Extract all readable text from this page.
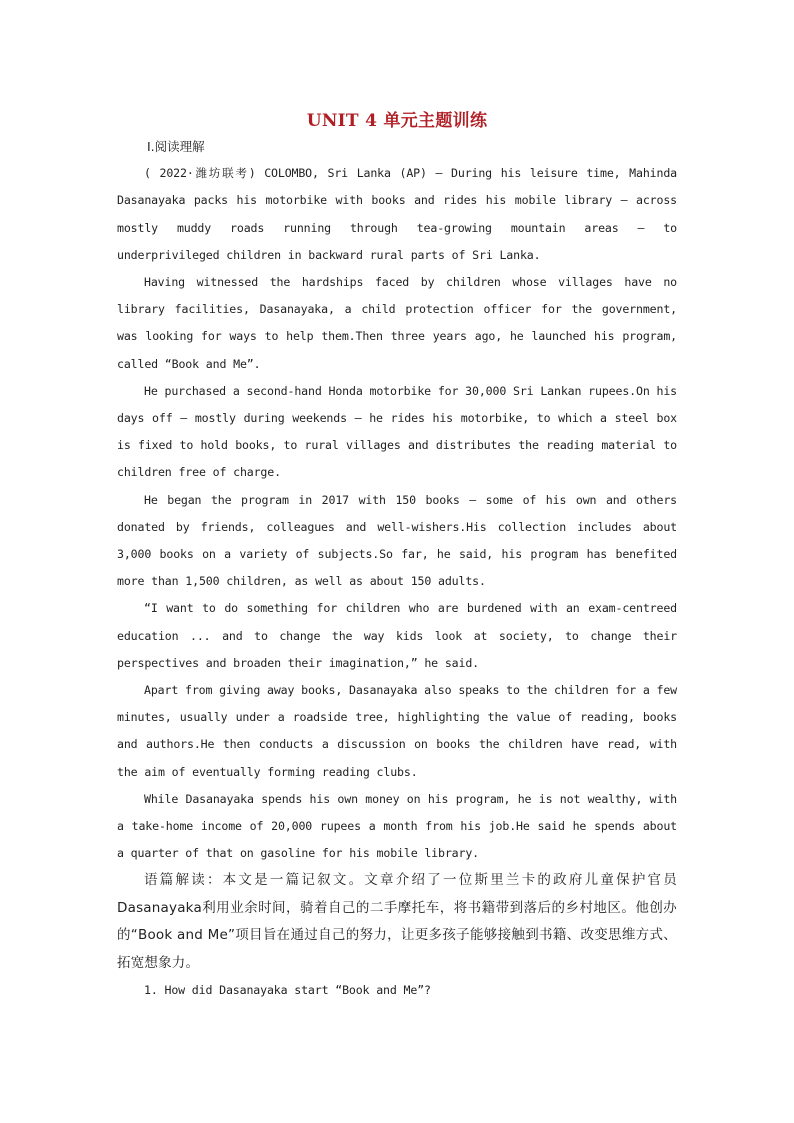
UNIT 4 单元主题训练

Ⅰ.阅读理解

( 2022·潍坊联考) COLOMBO, Sri Lanka (AP) — During his leisure time, Mahinda Dasanayaka packs his motorbike with books and rides his mobile library — across mostly muddy roads running through tea-growing mountain areas — to underprivileged children in backward rural parts of Sri Lanka.

Having witnessed the hardships faced by children whose villages have no library facilities, Dasanayaka, a child protection officer for the government, was looking for ways to help them.Then three years ago, he launched his program, called “Book and Me”.

He purchased a second-hand Honda motorbike for 30,000 Sri Lankan rupees.On his days off — mostly during weekends — he rides his motorbike, to which a steel box is fixed to hold books, to rural villages and distributes the reading material to children free of charge.

He began the program in 2017 with 150 books — some of his own and others donated by friends, colleagues and well-wishers.His collection includes about 3,000 books on a variety of subjects.So far, he said, his program has benefited more than 1,500 children, as well as about 150 adults.

“I want to do something for children who are burdened with an exam-centreed education ... and to change the way kids look at society, to change their perspectives and broaden their imagination,” he said.

Apart from giving away books, Dasanayaka also speaks to the children for a few minutes, usually under a roadside tree, highlighting the value of reading, books and authors.He then conducts a discussion on books the children have read, with the aim of eventually forming reading clubs.

While Dasanayaka spends his own money on his program, he is not wealthy, with a take-home income of 20,000 rupees a month from his job.He said he spends about a quarter of that on gasoline for his mobile library.

语篇解读：本文是一篇记叙文。文章介绍了一位斯里兰卡的政府儿童保护官员Dasanayaka利用业余时间，骑着自己的二手摩托车，将书籍带到落后的乡村地区。他创办的“Book and Me”项目旨在通过自己的努力，让更多孩子能够接触到书籍、改变思维方式、拓宽想象力。

1. How did Dasanayaka start “Book and Me”?
